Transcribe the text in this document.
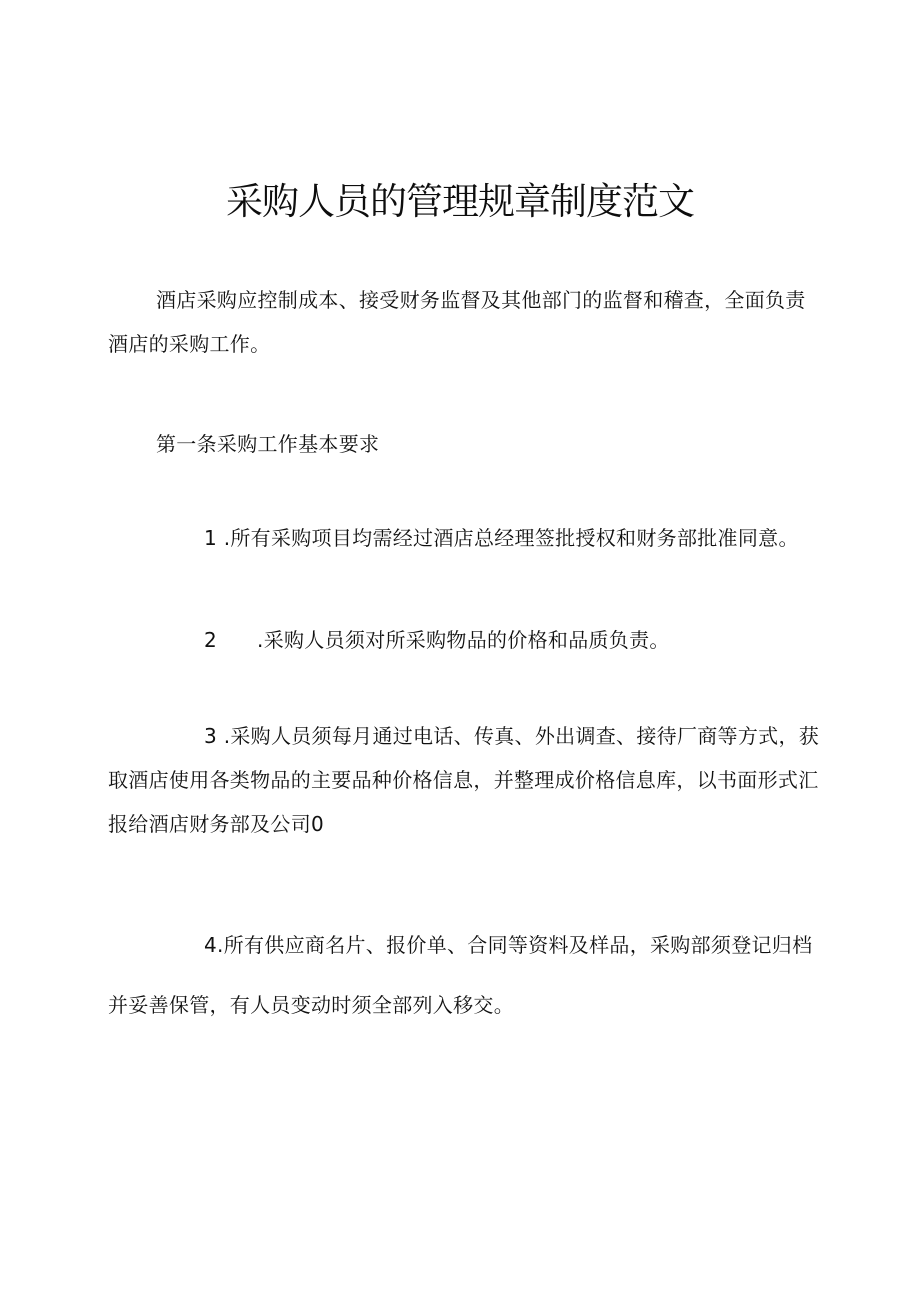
采购人员的管理规章制度范文

酒店采购应控制成本、接受财务监督及其他部门的监督和稽查，全面负责酒店的采购工作。

第一条采购工作基本要求

1 .所有采购项目均需经过酒店总经理签批授权和财务部批准同意。

2 .采购人员须对所采购物品的价格和品质负责。

3 .采购人员须每月通过电话、传真、外出调查、接待厂商等方式，获取酒店使用各类物品的主要品种价格信息，并整理成价格信息库，以书面形式汇报给酒店财务部及公司0

4.所有供应商名片、报价单、合同等资料及样品，采购部须登记归档并妥善保管，有人员变动时须全部列入移交。
